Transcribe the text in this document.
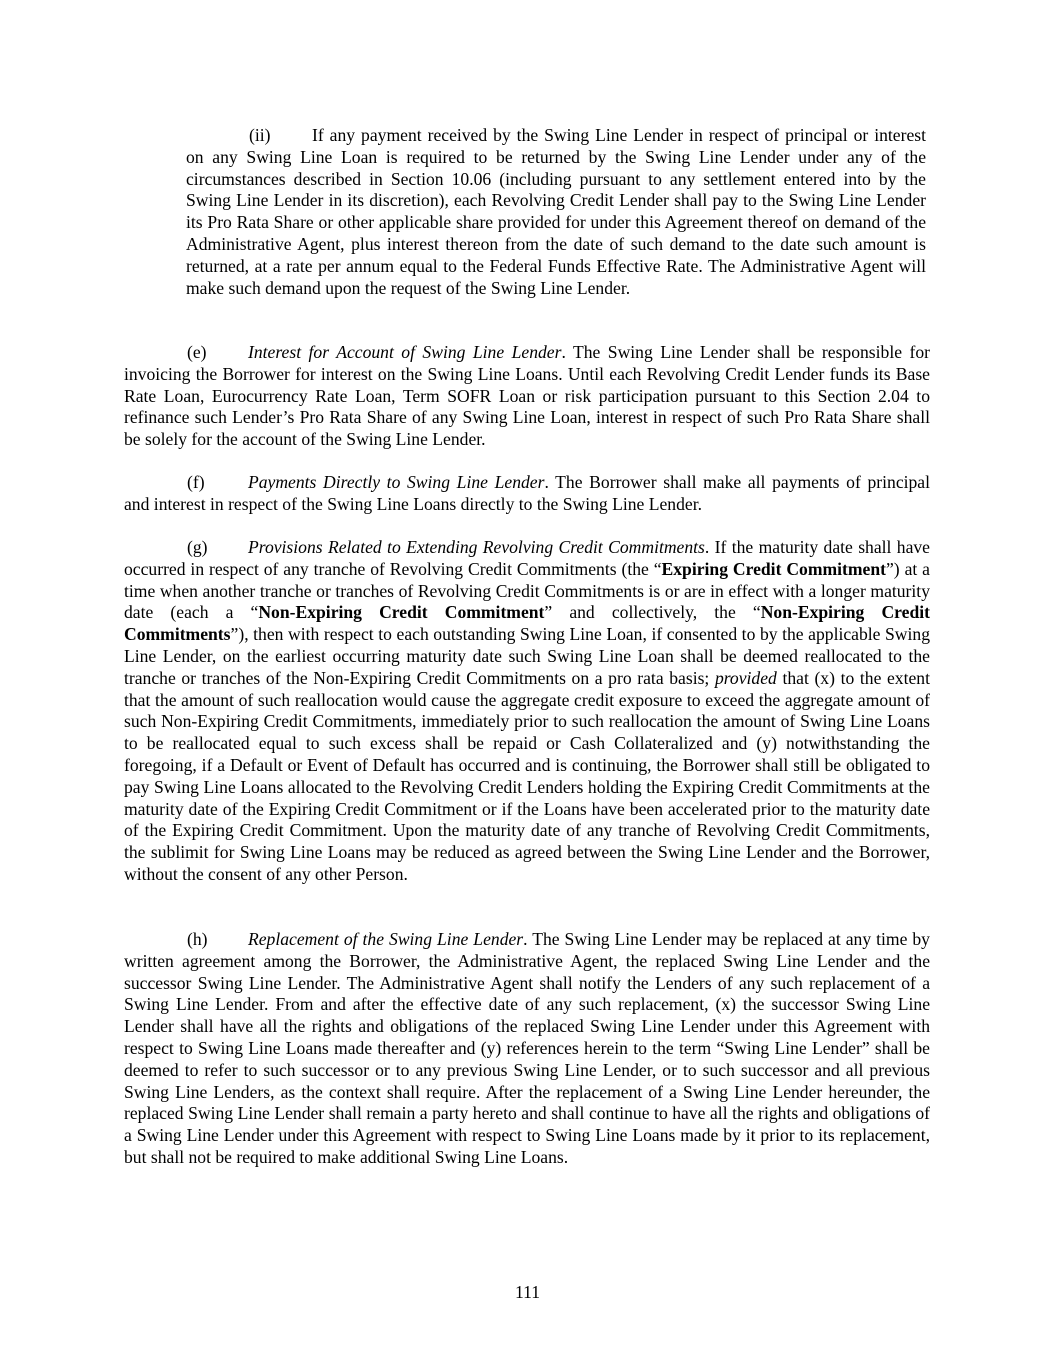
(ii) If any payment received by the Swing Line Lender in respect of principal or interest on any Swing Line Loan is required to be returned by the Swing Line Lender under any of the circumstances described in Section 10.06 (including pursuant to any settlement entered into by the Swing Line Lender in its discretion), each Revolving Credit Lender shall pay to the Swing Line Lender its Pro Rata Share or other applicable share provided for under this Agreement thereof on demand of the Administrative Agent, plus interest thereon from the date of such demand to the date such amount is returned, at a rate per annum equal to the Federal Funds Effective Rate. The Administrative Agent will make such demand upon the request of the Swing Line Lender.

(e) Interest for Account of Swing Line Lender. The Swing Line Lender shall be responsible for invoicing the Borrower for interest on the Swing Line Loans. Until each Revolving Credit Lender funds its Base Rate Loan, Eurocurrency Rate Loan, Term SOFR Loan or risk participation pursuant to this Section 2.04 to refinance such Lender’s Pro Rata Share of any Swing Line Loan, interest in respect of such Pro Rata Share shall be solely for the account of the Swing Line Lender.

(f) Payments Directly to Swing Line Lender. The Borrower shall make all payments of principal and interest in respect of the Swing Line Loans directly to the Swing Line Lender.

(g) Provisions Related to Extending Revolving Credit Commitments. If the maturity date shall have occurred in respect of any tranche of Revolving Credit Commitments (the “Expiring Credit Commitment”) at a time when another tranche or tranches of Revolving Credit Commitments is or are in effect with a longer maturity date (each a “Non-Expiring Credit Commitment” and collectively, the “Non-Expiring Credit Commitments”), then with respect to each outstanding Swing Line Loan, if consented to by the applicable Swing Line Lender, on the earliest occurring maturity date such Swing Line Loan shall be deemed reallocated to the tranche or tranches of the Non-Expiring Credit Commitments on a pro rata basis; provided that (x) to the extent that the amount of such reallocation would cause the aggregate credit exposure to exceed the aggregate amount of such Non-Expiring Credit Commitments, immediately prior to such reallocation the amount of Swing Line Loans to be reallocated equal to such excess shall be repaid or Cash Collateralized and (y) notwithstanding the foregoing, if a Default or Event of Default has occurred and is continuing, the Borrower shall still be obligated to pay Swing Line Loans allocated to the Revolving Credit Lenders holding the Expiring Credit Commitments at the maturity date of the Expiring Credit Commitment or if the Loans have been accelerated prior to the maturity date of the Expiring Credit Commitment. Upon the maturity date of any tranche of Revolving Credit Commitments, the sublimit for Swing Line Loans may be reduced as agreed between the Swing Line Lender and the Borrower, without the consent of any other Person.

(h) Replacement of the Swing Line Lender. The Swing Line Lender may be replaced at any time by written agreement among the Borrower, the Administrative Agent, the replaced Swing Line Lender and the successor Swing Line Lender. The Administrative Agent shall notify the Lenders of any such replacement of a Swing Line Lender. From and after the effective date of any such replacement, (x) the successor Swing Line Lender shall have all the rights and obligations of the replaced Swing Line Lender under this Agreement with respect to Swing Line Loans made thereafter and (y) references herein to the term “Swing Line Lender” shall be deemed to refer to such successor or to any previous Swing Line Lender, or to such successor and all previous Swing Line Lenders, as the context shall require. After the replacement of a Swing Line Lender hereunder, the replaced Swing Line Lender shall remain a party hereto and shall continue to have all the rights and obligations of a Swing Line Lender under this Agreement with respect to Swing Line Loans made by it prior to its replacement, but shall not be required to make additional Swing Line Loans.

111
